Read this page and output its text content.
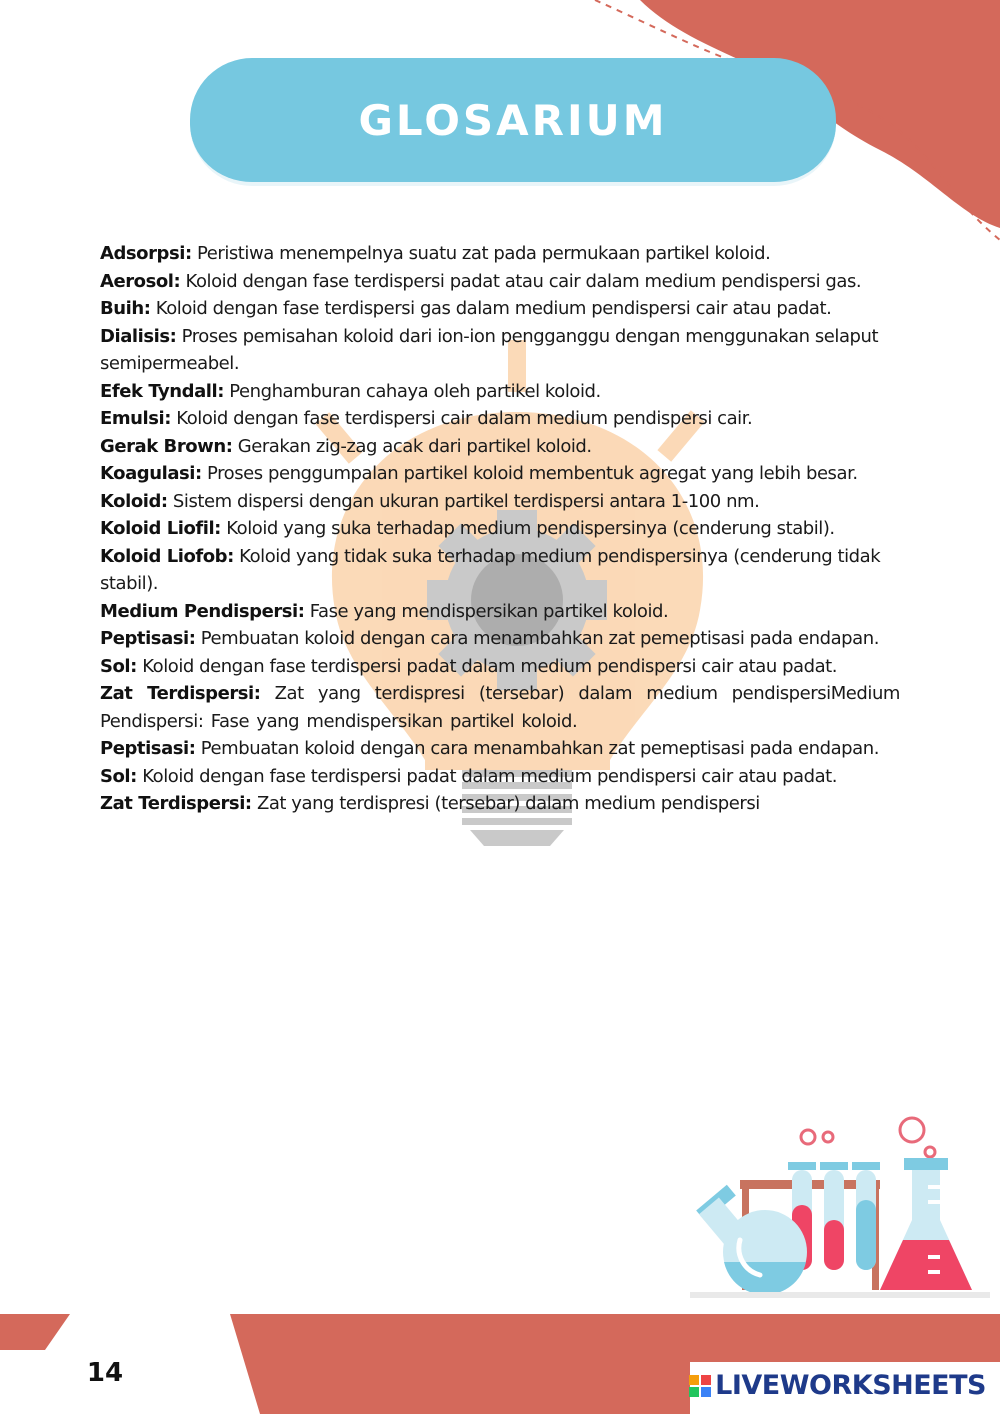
GLOSARIUM

Adsorpsi: Peristiwa menempelnya suatu zat pada permukaan partikel koloid.

Aerosol: Koloid dengan fase terdispersi padat atau cair dalam medium pendispersi gas.

Buih: Koloid dengan fase terdispersi gas dalam medium pendispersi cair atau padat.

Dialisis: Proses pemisahan koloid dari ion-ion pengganggu dengan menggunakan selaput semipermeabel.

Efek Tyndall: Penghamburan cahaya oleh partikel koloid.

Emulsi: Koloid dengan fase terdispersi cair dalam medium pendispersi cair.

Gerak Brown: Gerakan zig-zag acak dari partikel koloid.

Koagulasi: Proses penggumpalan partikel koloid membentuk agregat yang lebih besar.

Koloid: Sistem dispersi dengan ukuran partikel terdispersi antara 1-100 nm.

Koloid Liofil: Koloid yang suka terhadap medium pendispersinya (cenderung stabil).

Koloid Liofob: Koloid yang tidak suka terhadap medium pendispersinya (cenderung tidak stabil).

Medium Pendispersi: Fase yang mendispersikan partikel koloid.

Peptisasi: Pembuatan koloid dengan cara menambahkan zat pemeptisasi pada endapan.

Sol: Koloid dengan fase terdispersi padat dalam medium pendispersi cair atau padat.

Zat Terdispersi: Zat yang terdispresi (tersebar) dalam medium pendispersiMedium Pendispersi: Fase yang mendispersikan partikel koloid.

Peptisasi: Pembuatan koloid dengan cara menambahkan zat pemeptisasi pada endapan.

Sol: Koloid dengan fase terdispersi padat dalam medium pendispersi cair atau padat.

Zat Terdispersi: Zat yang terdispresi (tersebar) dalam medium pendispersi

14	LIVEWORKSHEETS
